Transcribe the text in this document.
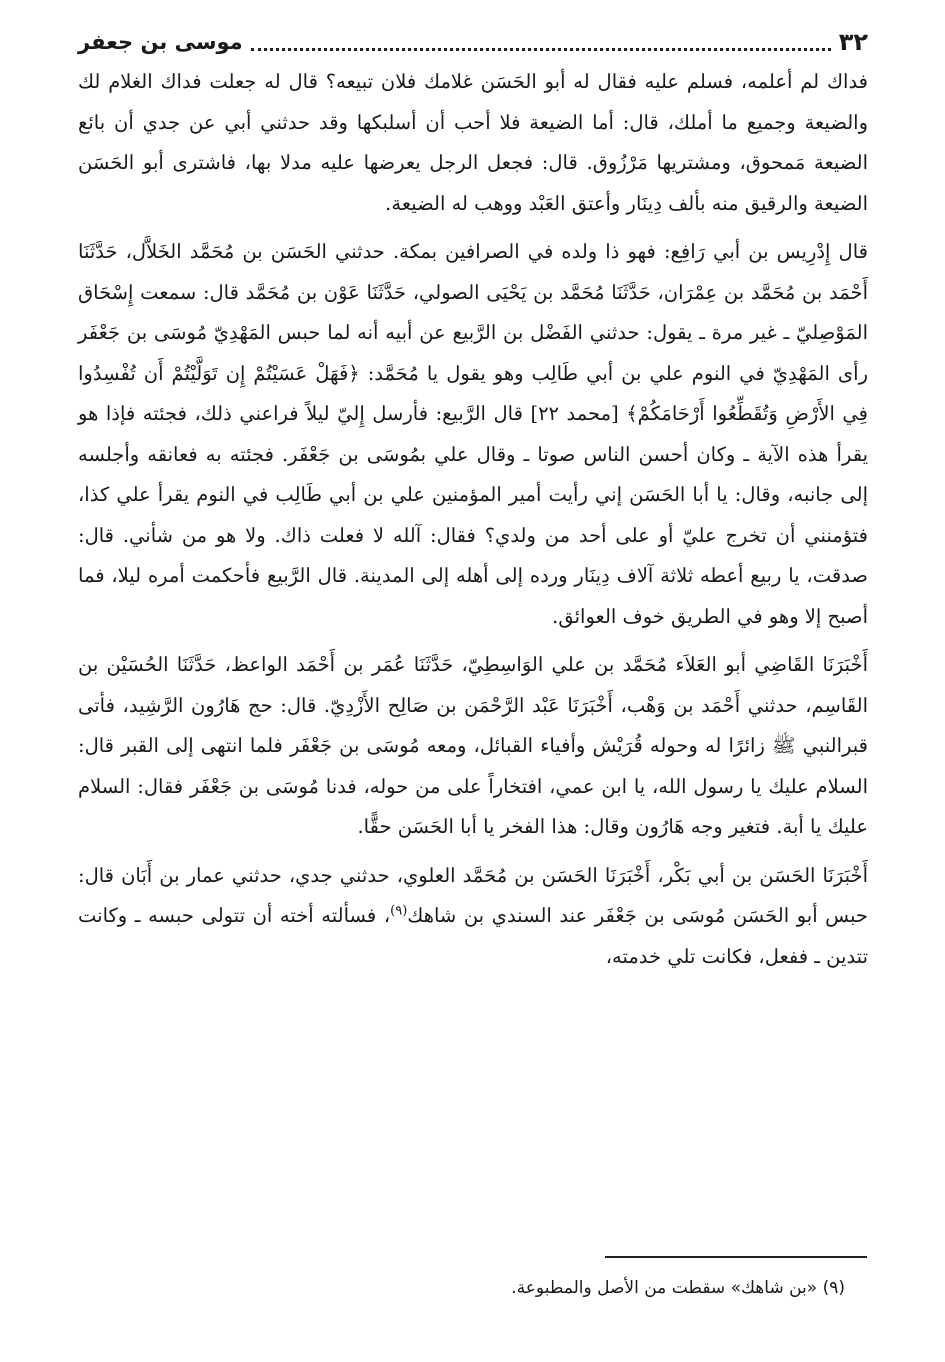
٣٢
موسى بن جعفر

فداك لم أعلمه، فسلم عليه فقال له أبو الحَسَن غلامك فلان تبيعه؟ قال له جعلت فداك الغلام لك والضيعة وجميع ما أملك، قال: أما الضيعة فلا أحب أن أسلبكها وقد حدثني أبي عن جدي أن بائع الضيعة مَمحوق، ومشتريها مَرْزُوق. قال: فجعل الرجل يعرضها عليه مدلا بها، فاشترى أبو الحَسَن الضيعة والرقيق منه بألف دِينَار وأعتق العَبْد ووهب له الضيعة.

قال إِدْرِيس بن أبي رَافِع: فهو ذا ولده في الصرافين بمكة. حدثني الحَسَن بن مُحَمَّد الخَلاَّل، حَدَّثَنَا أَحْمَد بن مُحَمَّد بن عِمْرَان، حَدَّثَنَا مُحَمَّد بن يَحْيَى الصولي، حَدَّثَنَا عَوْن بن مُحَمَّد قال: سمعت إِسْحَاق المَوْصِليّ ـ غير مرة ـ يقول: حدثني الفَضْل بن الرَّبيع عن أبيه أنه لما حبس المَهْدِيّ مُوسَى بن جَعْفَر رأى المَهْدِيّ في النوم علي بن أبي طَالِب وهو يقول يا مُحَمَّد: ﴿فَهَلْ عَسَيْتُمْ إِن تَوَلَّيْتُمْ أَن تُفْسِدُوا فِي الأَرْضِ وَتُقَطِّعُوا أَرْحَامَكُمْ﴾ [محمد ٢٢] قال الرَّبيع: فأرسل إِليّ ليلاً فراعني ذلك، فجئته فإذا هو يقرأ هذه الآية ـ وكان أحسن الناس صوتا ـ وقال علي بمُوسَى بن جَعْفَر. فجئته به فعانقه وأجلسه إلى جانبه، وقال: يا أبا الحَسَن إني رأيت أمير المؤمنين علي بن أبي طَالِب في النوم يقرأ علي كذا، فتؤمنني أن تخرج عليّ أو على أحد من ولدي؟ فقال: آلله لا فعلت ذاك. ولا هو من شأني. قال: صدقت، يا ربيع أعطه ثلاثة آلاف دِينَار ورده إلى أهله إلى المدينة. قال الرَّبيع فأحكمت أمره ليلا، فما أصبح إلا وهو في الطريق خوف العوائق.

أَخْبَرَنَا القَاضِي أبو العَلاَء مُحَمَّد بن علي الوَاسِطِيّ، حَدَّثَنَا عُمَر بن أَحْمَد الواعظ، حَدَّثَنَا الحُسَيْن بن القَاسِم، حدثني أَحْمَد بن وَهْب، أَخْبَرَنَا عَبْد الرَّحْمَن بن صَالِح الأَزْدِيّ. قال: حج هَارُون الرَّشِيد، فأتى قبرالنبي ﷺ زائرًا له وحوله قُرَيْش وأفياء القبائل، ومعه مُوسَى بن جَعْفَر فلما انتهى إلى القبر قال: السلام عليك يا رسول الله، يا ابن عمي، افتخاراً على من حوله، فدنا مُوسَى بن جَعْفَر فقال: السلام عليك يا أبة. فتغير وجه هَارُون وقال: هذا الفخر يا أبا الحَسَن حقًّا.

أَخْبَرَنَا الحَسَن بن أبي بَكْر، أَخْبَرَنَا الحَسَن بن مُحَمَّد العلوي، حدثني جدي، حدثني عمار بن أَبَان قال: حبس أبو الحَسَن مُوسَى بن جَعْفَر عند السندي بن شاهك$^{(٩)}$، فسألته أخته أن تتولى حبسه ـ وكانت تتدين ـ ففعل، فكانت تلي خدمته،

(٩) «بن شاهك» سقطت من الأصل والمطبوعة.
